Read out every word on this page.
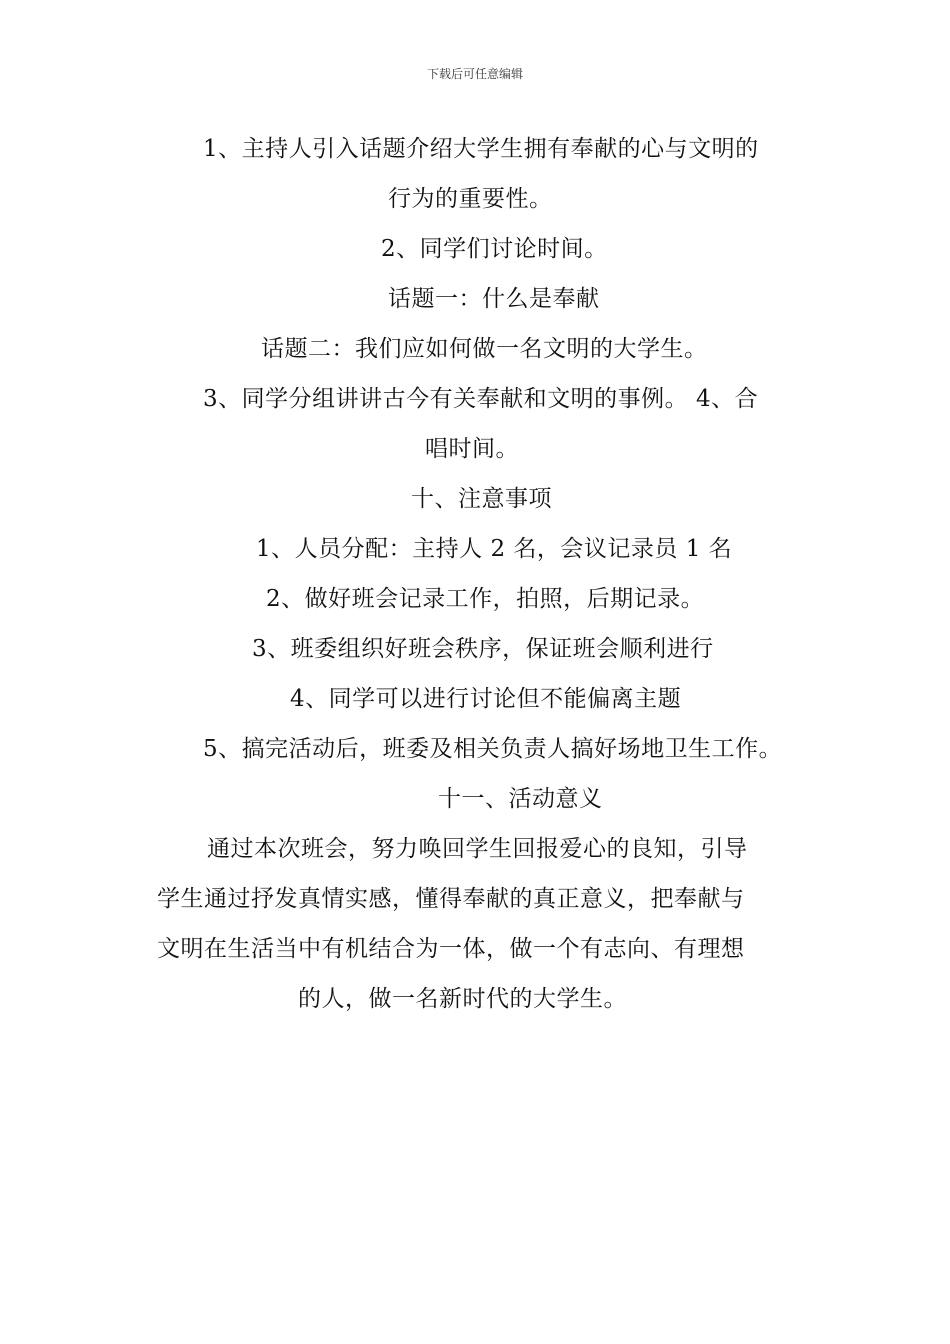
下载后可任意编辑
1、主持人引入话题介绍大学生拥有奉献的心与文明的
行为的重要性。
2、同学们讨论时间。
话题一：什么是奉献
话题二：我们应如何做一名文明的大学生。
3、同学分组讲讲古今有关奉献和文明的事例。 4、合
唱时间。
十、注意事项
1、人员分配：主持人 2 名，会议记录员 1 名
2、做好班会记录工作，拍照，后期记录。
3、班委组织好班会秩序，保证班会顺利进行
4、同学可以进行讨论但不能偏离主题
5、搞完活动后，班委及相关负责人搞好场地卫生工作。
十一、活动意义
通过本次班会，努力唤回学生回报爱心的良知，引导
学生通过抒发真情实感，懂得奉献的真正意义，把奉献与
文明在生活当中有机结合为一体，做一个有志向、有理想
的人，做一名新时代的大学生。
